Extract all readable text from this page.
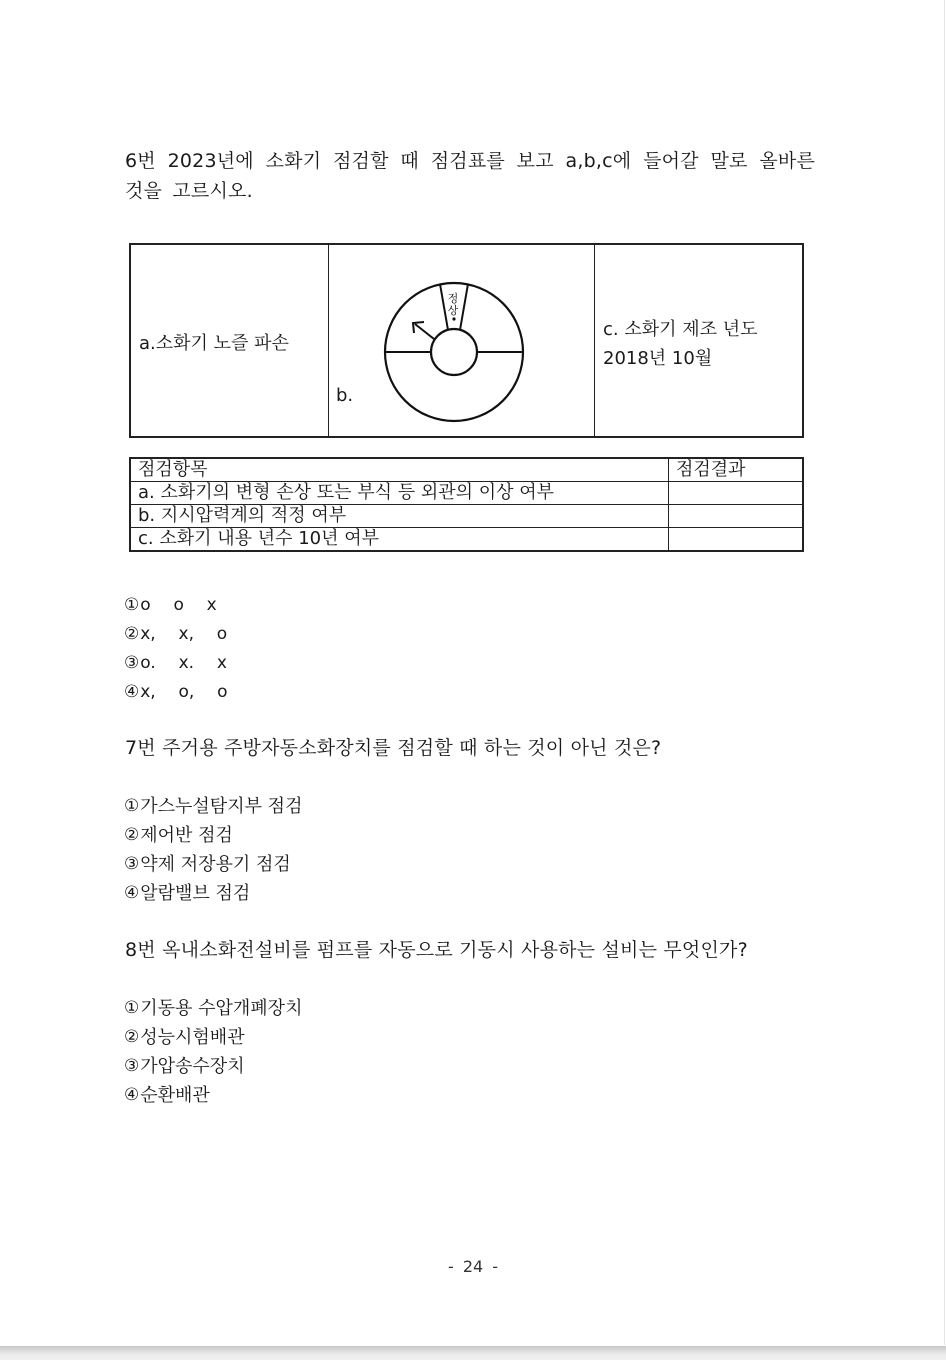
6번 2023년에 소화기 점검할 때 점검표를 보고 a,b,c에 들어갈 말로 올바른 것을 고르시오.
a.소화기 노즐 파손
b.
정
상
c. 소화기 제조 년도
2018년 10월
점검항목	점검결과
a. 소화기의 변형 손상 또는 부식 등 외관의 이상 여부	
b. 지시압력계의 적정 여부	
c. 소화기 내용 년수 10년 여부	
① o  o  x
② x,  x,  o
③ o.  x.  x
④ x,  o,  o
7번 주거용 주방자동소화장치를 점검할 때 하는 것이 아닌 것은?
① 가스누설탐지부 점검
② 제어반 점검
③ 약제 저장용기 점검
④ 알람밸브 점검
8번 옥내소화전설비를 펌프를 자동으로 기동시 사용하는 설비는 무엇인가?
① 기동용 수압개폐장치
② 성능시험배관
③ 가압송수장치
④ 순환배관
- 24 -
